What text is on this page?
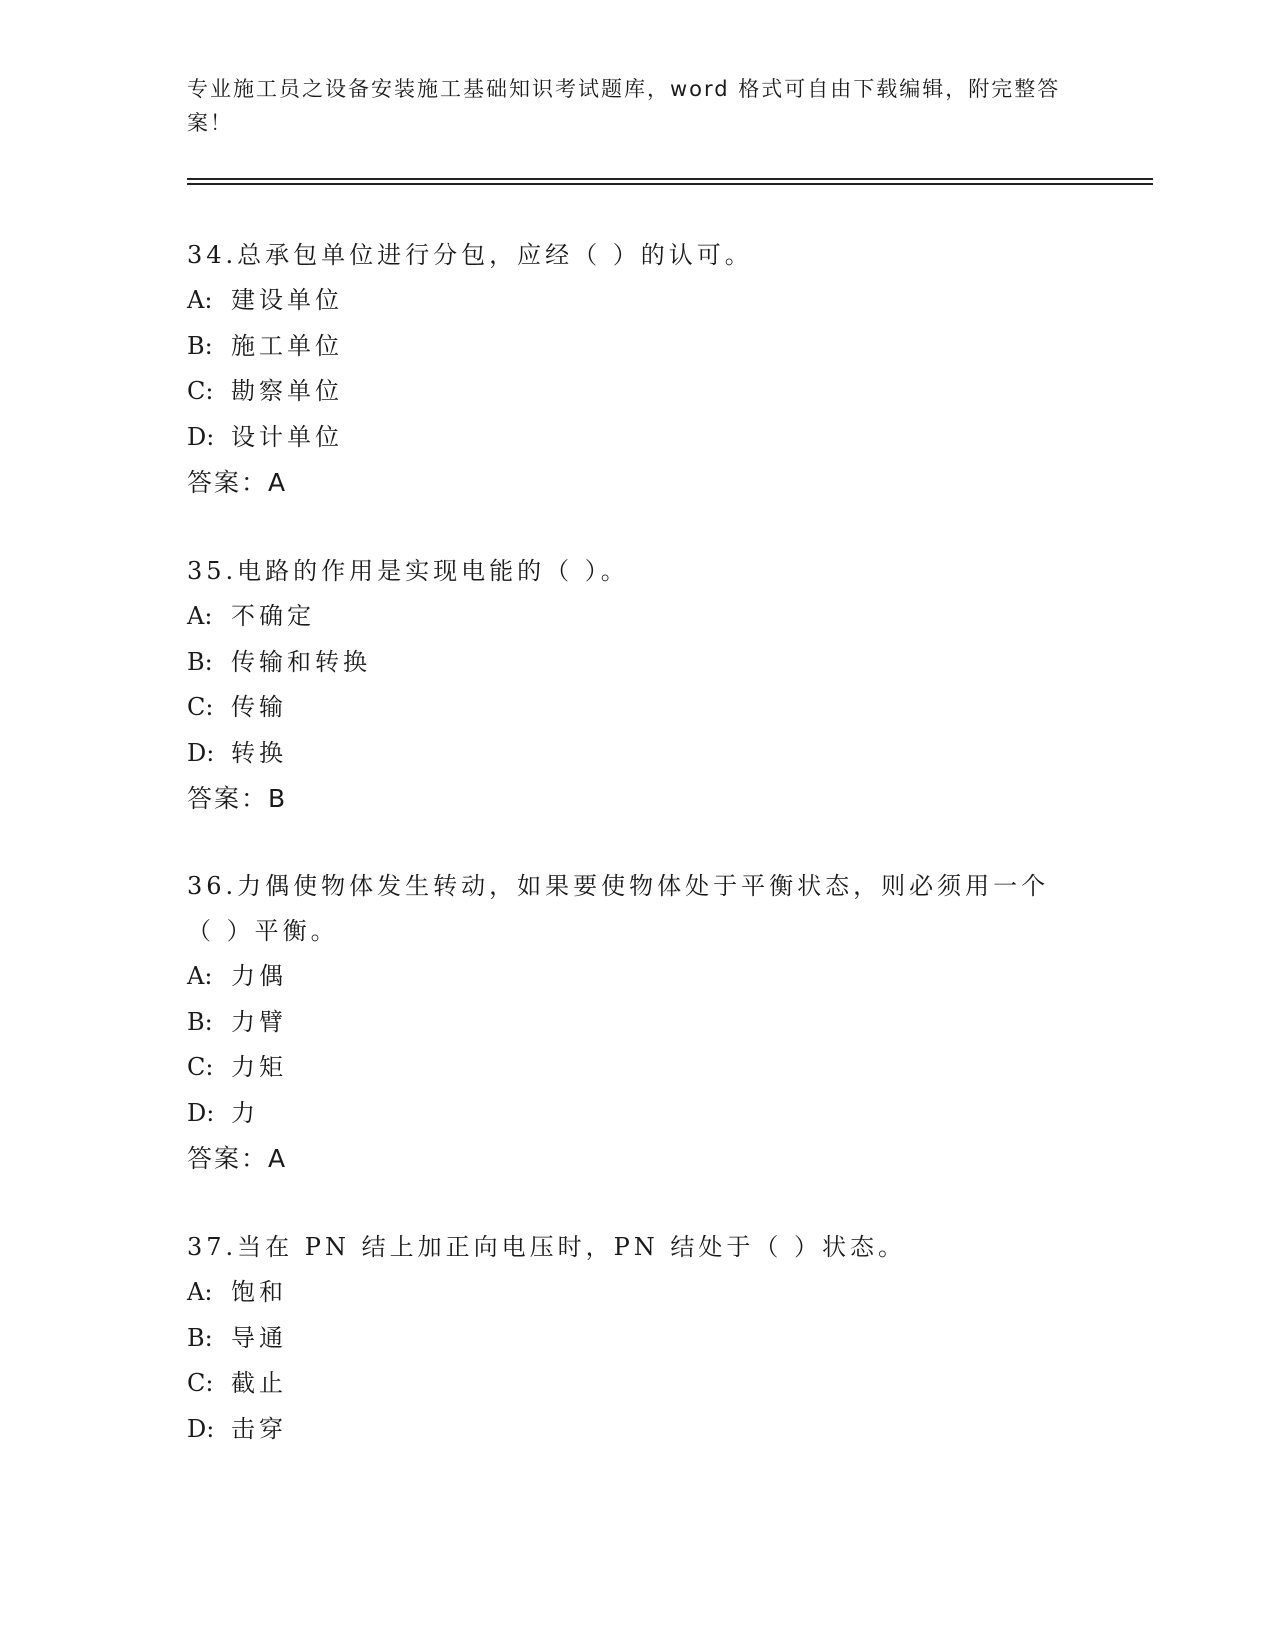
专业施工员之设备安装施工基础知识考试题库，word 格式可自由下载编辑，附完整答案！

34.总承包单位进行分包，应经（ ）的认可。

A: 建设单位

B: 施工单位

C: 勘察单位

D: 设计单位

答案：A

35.电路的作用是实现电能的（ ）。

A: 不确定

B: 传输和转换

C: 传输

D: 转换

答案：B

36.力偶使物体发生转动，如果要使物体处于平衡状态，则必须用一个（ ）平衡。

A: 力偶

B: 力臂

C: 力矩

D: 力

答案：A

37.当在 PN 结上加正向电压时，PN 结处于（ ）状态。

A: 饱和

B: 导通

C: 截止

D: 击穿
